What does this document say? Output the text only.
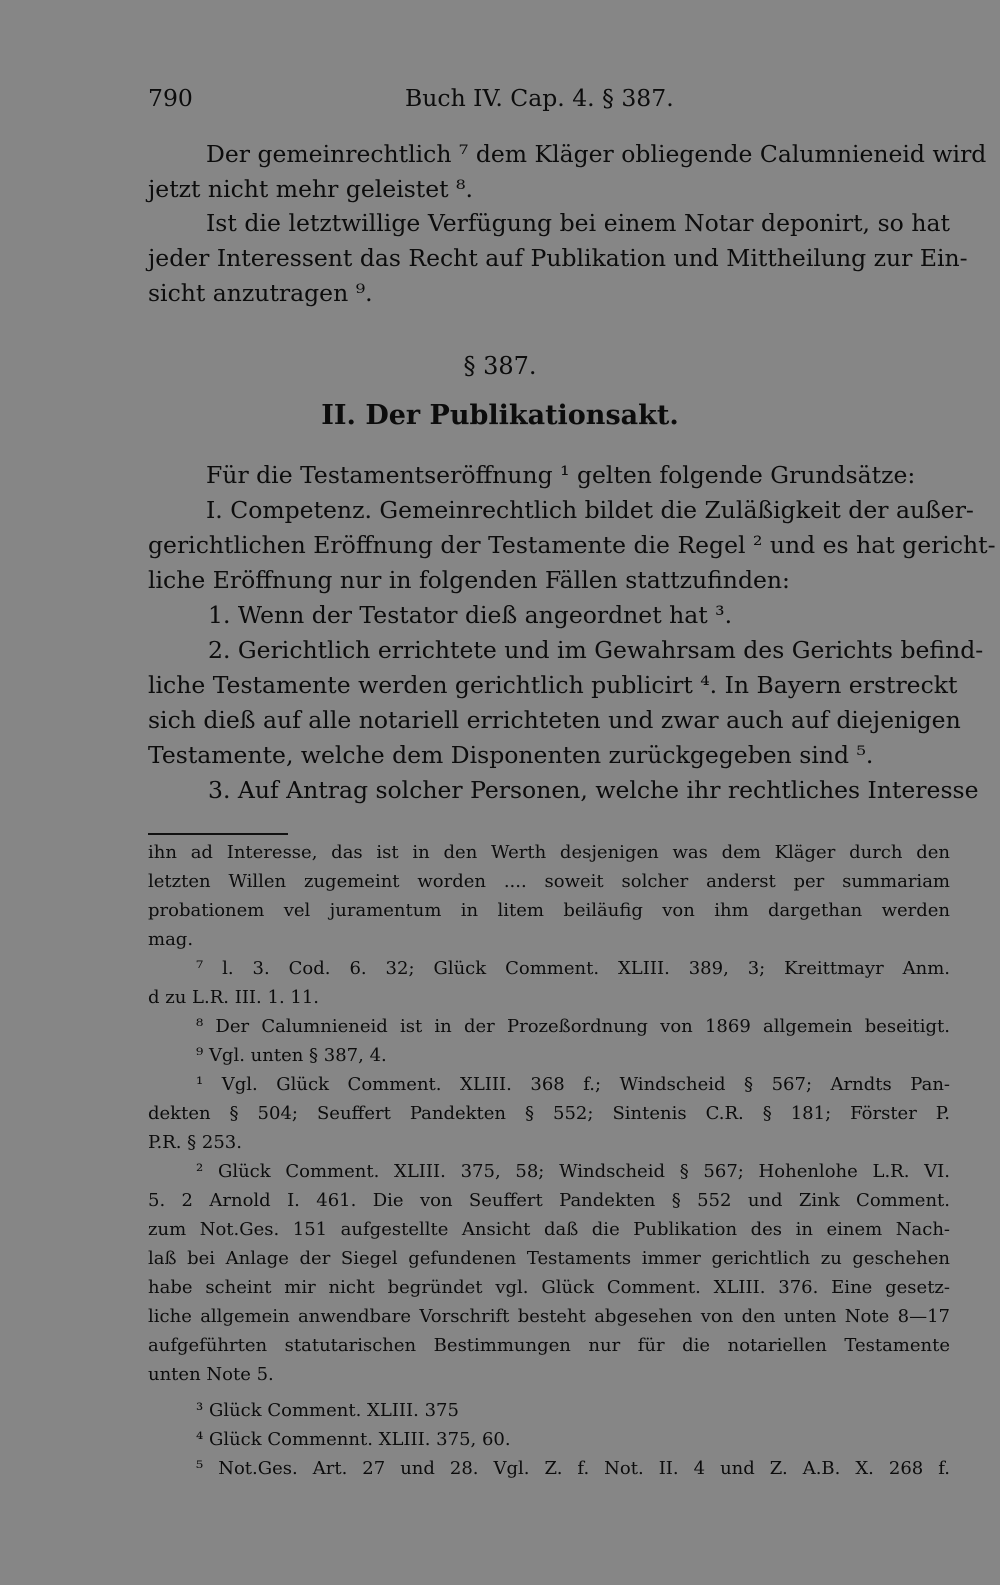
790	Buch IV. Cap. 4. § 387.
Der gemeinrechtlich ⁷ dem Kläger obliegende Calumnieneid wird
jetzt nicht mehr geleistet ⁸.
Ist die letztwillige Verfügung bei einem Notar deponirt, so hat
jeder Interessent das Recht auf Publikation und Mittheilung zur Ein-
sicht anzutragen ⁹.
§ 387.
II. Der Publikationsakt.
Für die Testamentseröffnung ¹ gelten folgende Grundsätze:
I. Competenz. Gemeinrechtlich bildet die Zuläßigkeit der außer-
gerichtlichen Eröffnung der Testamente die Regel ² und es hat gericht-
liche Eröffnung nur in folgenden Fällen stattzufinden:
1. Wenn der Testator dieß angeordnet hat ³.
2. Gerichtlich errichtete und im Gewahrsam des Gerichts befind-
liche Testamente werden gerichtlich publicirt ⁴. In Bayern erstreckt
sich dieß auf alle notariell errichteten und zwar auch auf diejenigen
Testamente, welche dem Disponenten zurückgegeben sind ⁵.
3. Auf Antrag solcher Personen, welche ihr rechtliches Interesse
ihn ad Interesse, das ist in den Werth desjenigen was dem Kläger durch den
letzten Willen zugemeint worden .... soweit solcher anderst per summariam
probationem vel juramentum in litem beiläufig von ihm dargethan werden
mag.
⁷ l. 3. Cod. 6. 32; Glück Comment. XLIII. 389, 3; Kreittmayr Anm.
d zu L.R. III. 1. 11.
⁸ Der Calumnieneid ist in der Prozeßordnung von 1869 allgemein beseitigt.
⁹ Vgl. unten § 387, 4.
¹ Vgl. Glück Comment. XLIII. 368 f.; Windscheid § 567; Arndts Pan-
dekten § 504; Seuffert Pandekten § 552; Sintenis C.R. § 181; Förster P.
P.R. § 253.
² Glück Comment. XLIII. 375, 58; Windscheid § 567; Hohenlohe L.R. VI.
5. 2 Arnold I. 461. Die von Seuffert Pandekten § 552 und Zink Comment.
zum Not.Ges. 151 aufgestellte Ansicht daß die Publikation des in einem Nach-
laß bei Anlage der Siegel gefundenen Testaments immer gerichtlich zu geschehen
habe scheint mir nicht begründet vgl. Glück Comment. XLIII. 376. Eine gesetz-
liche allgemein anwendbare Vorschrift besteht abgesehen von den unten Note 8—17
aufgeführten statutarischen Bestimmungen nur für die notariellen Testamente
unten Note 5.
³ Glück Comment. XLIII. 375
⁴ Glück Commennt. XLIII. 375, 60.
⁵ Not.Ges. Art. 27 und 28. Vgl. Z. f. Not. II. 4 und Z. A.B. X. 268 f.
